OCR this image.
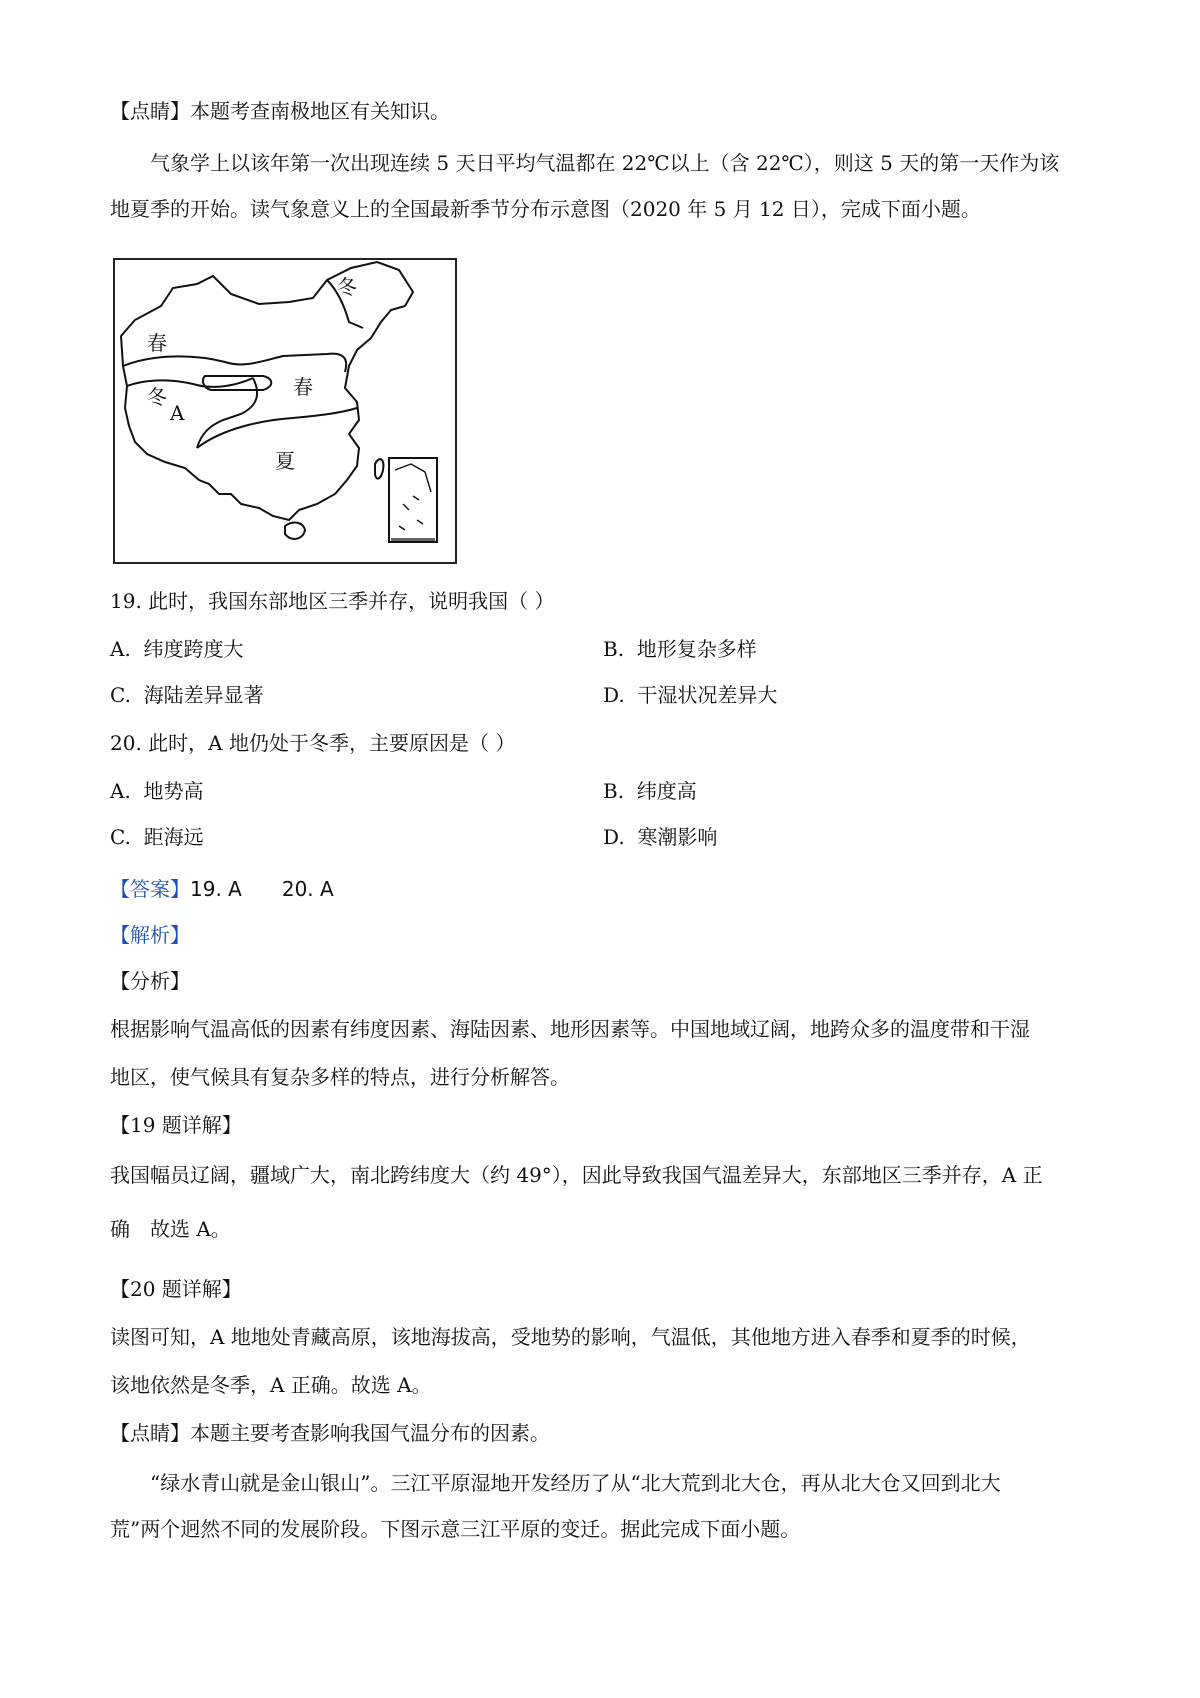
【点睛】本题考查南极地区有关知识。
气象学上以该年第一次出现连续 5 天日平均气温都在 22℃以上（含 22℃），则这 5 天的第一天作为该
地夏季的开始。读气象意义上的全国最新季节分布示意图（2020 年 5 月 12 日），完成下面小题。
冬
春
冬
A
春
夏
19. 此时，我国东部地区三季并存，说明我国（ ）
A. 纬度跨度大	B. 地形复杂多样
C. 海陆差异显著	D. 干湿状况差异大
20. 此时，A 地仍处于冬季，主要原因是（ ）
A. 地势高	B. 纬度高
C. 距海远	D. 寒潮影响
【答案】19. A 20. A
【解析】
【分析】
根据影响气温高低的因素有纬度因素、海陆因素、地形因素等。中国地域辽阔，地跨众多的温度带和干湿
地区，使气候具有复杂多样的特点，进行分析解答。
【19 题详解】
我国幅员辽阔，疆域广大，南北跨纬度大（约 49°），因此导致我国气温差异大，东部地区三季并存，A 正
确　故选 A。
【20 题详解】
读图可知，A 地地处青藏高原，该地海拔高，受地势的影响，气温低，其他地方进入春季和夏季的时候，
该地依然是冬季，A 正确。故选 A。
【点睛】本题主要考查影响我国气温分布的因素。
“绿水青山就是金山银山”。三江平原湿地开发经历了从“北大荒到北大仓，再从北大仓又回到北大
荒”两个迥然不同的发展阶段。下图示意三江平原的变迁。据此完成下面小题。
